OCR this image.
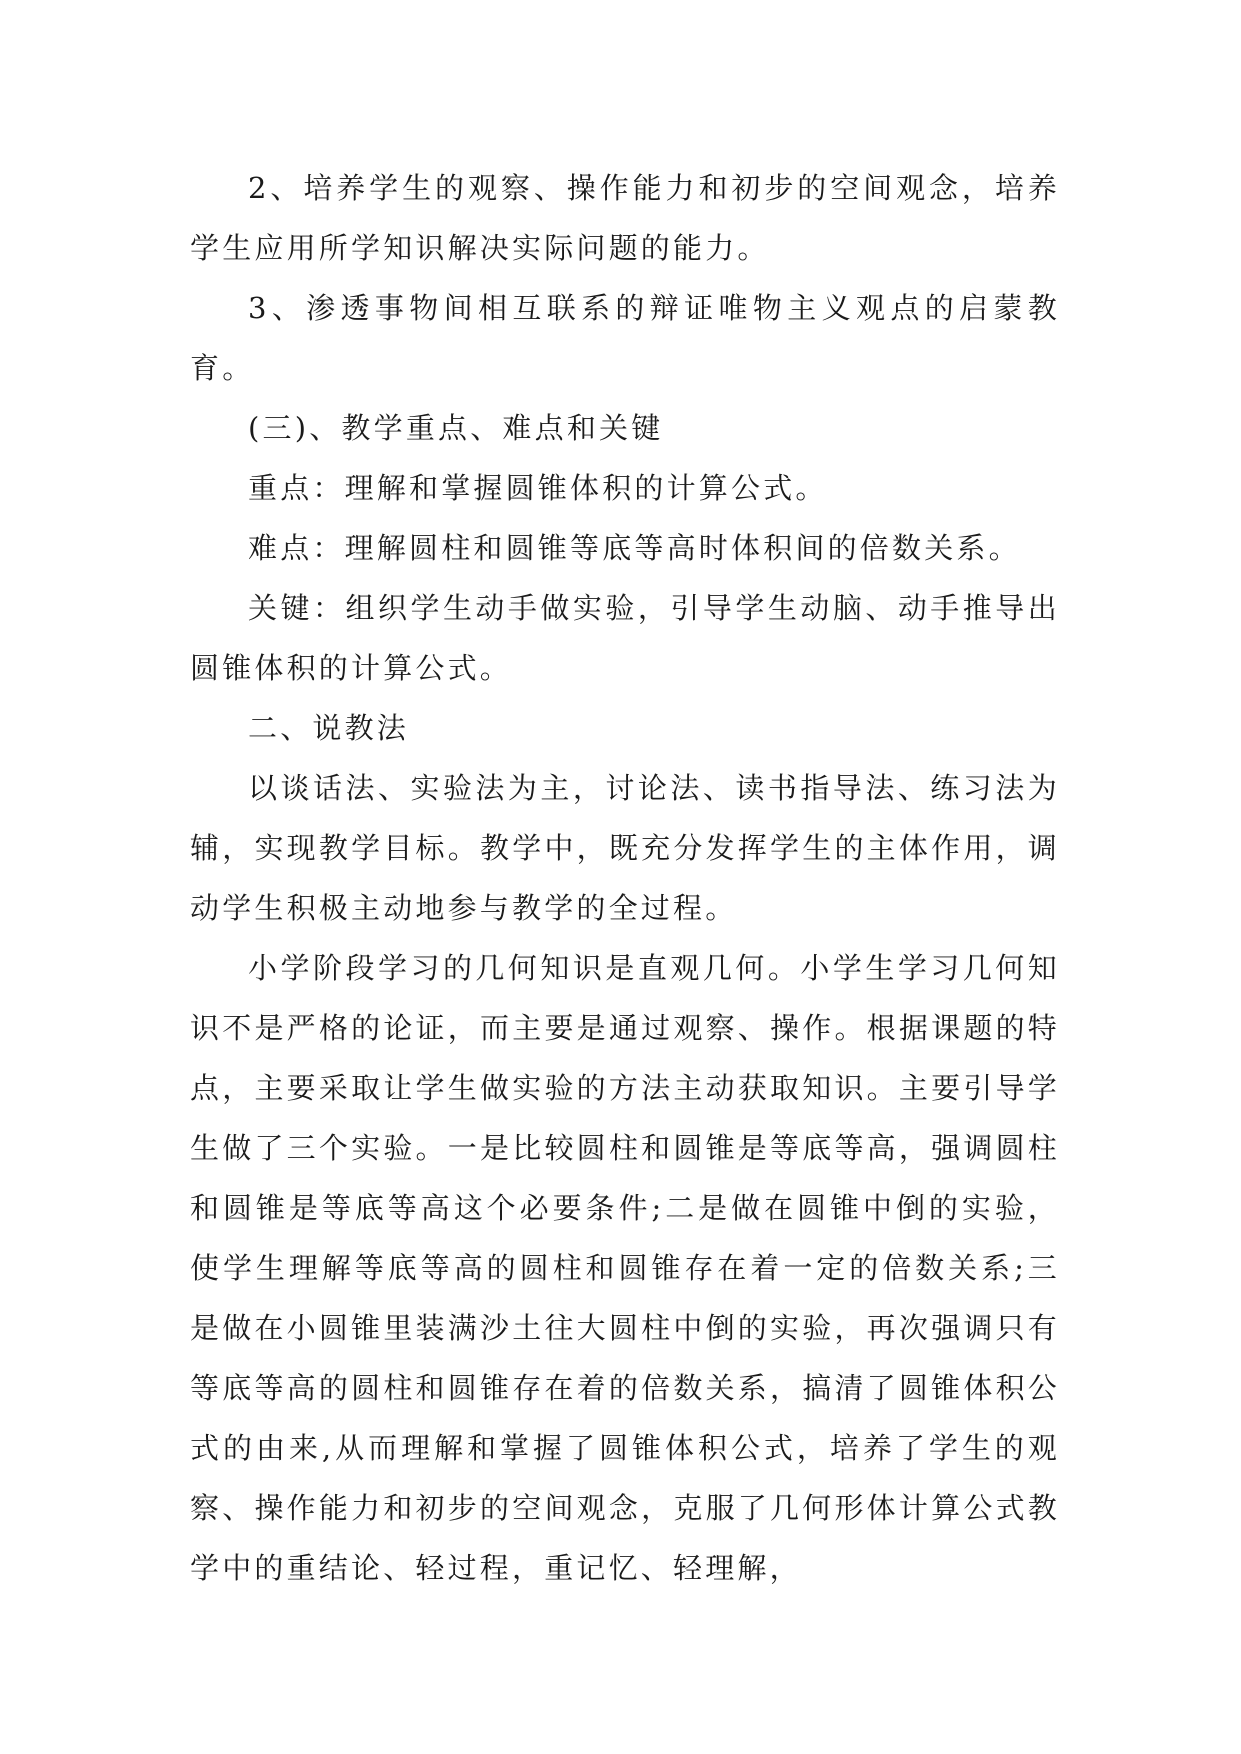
2、培养学生的观察、操作能力和初步的空间观念，培养学生应用所学知识解决实际问题的能力。

3、渗透事物间相互联系的辩证唯物主义观点的启蒙教育。

(三)、教学重点、难点和关键

重点：理解和掌握圆锥体积的计算公式。

难点：理解圆柱和圆锥等底等高时体积间的倍数关系。

关键：组织学生动手做实验，引导学生动脑、动手推导出圆锥体积的计算公式。

二、说教法

以谈话法、实验法为主，讨论法、读书指导法、练习法为辅，实现教学目标。教学中，既充分发挥学生的主体作用，调动学生积极主动地参与教学的全过程。

小学阶段学习的几何知识是直观几何。小学生学习几何知识不是严格的论证，而主要是通过观察、操作。根据课题的特点，主要采取让学生做实验的方法主动获取知识。主要引导学生做了三个实验。一是比较圆柱和圆锥是等底等高，强调圆柱和圆锥是等底等高这个必要条件;二是做在圆锥中倒的实验，使学生理解等底等高的圆柱和圆锥存在着一定的倍数关系;三是做在小圆锥里装满沙土往大圆柱中倒的实验，再次强调只有等底等高的圆柱和圆锥存在着的倍数关系，搞清了圆锥体积公式的由来,从而理解和掌握了圆锥体积公式，培养了学生的观察、操作能力和初步的空间观念，克服了几何形体计算公式教学中的重结论、轻过程，重记忆、轻理解，
